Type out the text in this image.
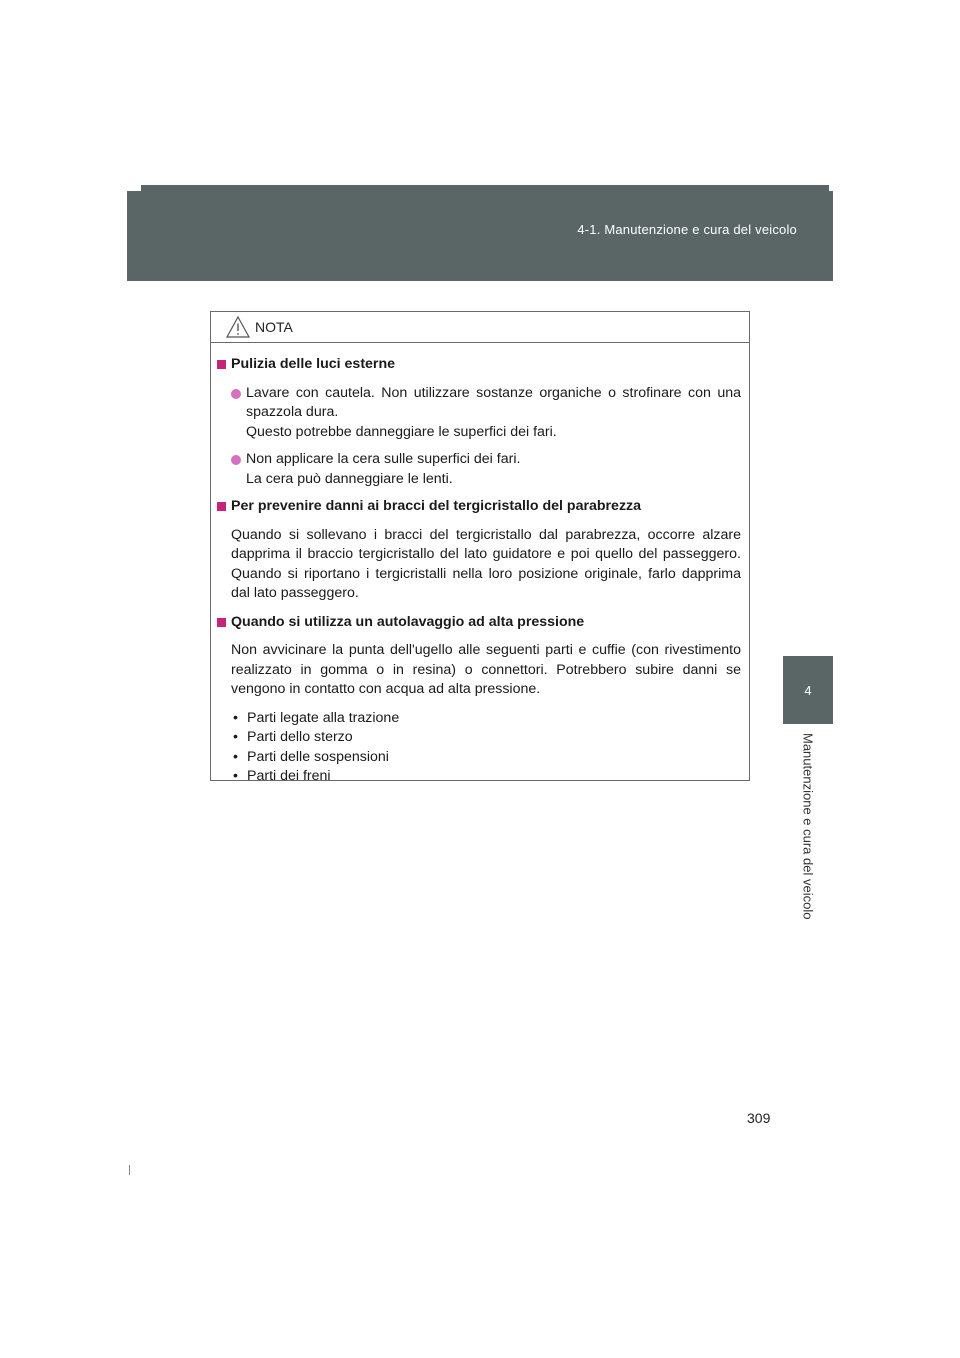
4-1. Manutenzione e cura del veicolo
4
Manutenzione e cura del veicolo
NOTA
Pulizia delle luci esterne
Lavare con cautela. Non utilizzare sostanze organiche o strofinare con una spazzola dura.
Questo potrebbe danneggiare le superfici dei fari.
Non applicare la cera sulle superfici dei fari.
La cera può danneggiare le lenti.
Per prevenire danni ai bracci del tergicristallo del parabrezza
Quando si sollevano i bracci del tergicristallo dal parabrezza, occorre alzare dapprima il braccio tergicristallo del lato guidatore e poi quello del passeggero. Quando si riportano i tergicristalli nella loro posizione originale, farlo dapprima dal lato passeggero.
Quando si utilizza un autolavaggio ad alta pressione
Non avvicinare la punta dell'ugello alle seguenti parti e cuffie (con rivestimento realizzato in gomma o in resina) o connettori. Potrebbero subire danni se vengono in contatto con acqua ad alta pressione.
• Parti legate alla trazione
• Parti dello sterzo
• Parti delle sospensioni
• Parti dei freni
309
